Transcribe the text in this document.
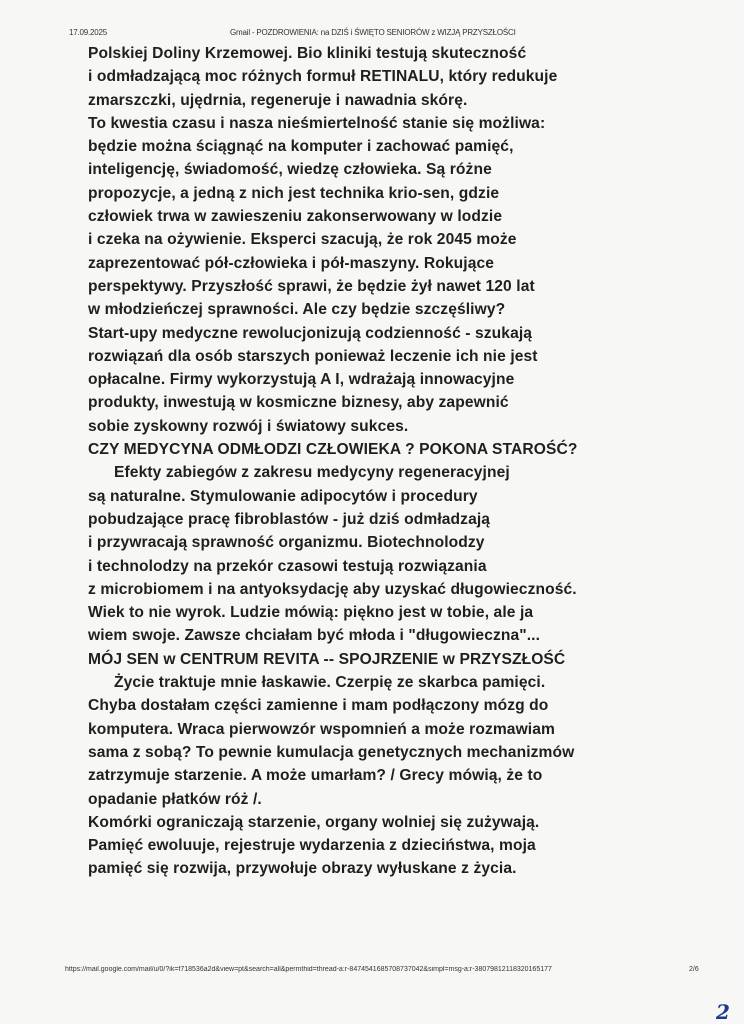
17.09.2025	Gmail - POZDROWIENIA: na DZIŚ i ŚWIĘTO SENIORÓW z WIZJĄ PRZYSZŁOŚCI
Polskiej Doliny Krzemowej. Bio kliniki testują skuteczność
i odmładzającą moc różnych formuł RETINALU, który redukuje
zmarszczki, ujędrnia, regeneruje i nawadnia skórę.
To kwestia czasu i nasza nieśmiertelność stanie się możliwa:
będzie można ściągnąć na komputer i zachować pamięć,
inteligencję, świadomość, wiedzę człowieka. Są różne
propozycje, a jedną z nich jest technika krio-sen, gdzie
człowiek trwa w zawieszeniu zakonserwowany w lodzie
i czeka na ożywienie. Eksperci szacują, że rok 2045 może
zaprezentować pół-człowieka i pół-maszyny. Rokujące
perspektywy. Przyszłość sprawi, że będzie żył nawet 120 lat
w młodzieńczej sprawności. Ale czy będzie szczęśliwy?
Start-upy medyczne rewolucjonizują codzienność - szukają
rozwiązań dla osób starszych ponieważ leczenie ich nie jest
opłacalne. Firmy wykorzystują A I, wdrażają innowacyjne
produkty, inwestują w kosmiczne biznesy, aby zapewnić
sobie zyskowny rozwój i światowy sukces.
CZY MEDYCYNA ODMŁODZI CZŁOWIEKA ? POKONA STAROŚĆ?
Efekty zabiegów z zakresu medycyny regeneracyjnej
są naturalne. Stymulowanie adipocytów i procedury
pobudzające pracę fibroblastów - już dziś odmładzają
i przywracają sprawność organizmu. Biotechnolodzy
i technolodzy na przekór czasowi testują rozwiązania
z microbiomem i na antyoksydację aby uzyskać długowieczność.
Wiek to nie wyrok. Ludzie mówią: piękno jest w tobie, ale ja
wiem swoje. Zawsze chciałam być młoda i "długowieczna"...
MÓJ SEN w CENTRUM REVITA -- SPOJRZENIE w PRZYSZŁOŚĆ
Życie traktuje mnie łaskawie. Czerpię ze skarbca pamięci.
Chyba dostałam części zamienne i mam podłączony mózg do
komputera. Wraca pierwowzór wspomnień a może rozmawiam
sama z sobą? To pewnie kumulacja genetycznych mechanizmów
zatrzymuje starzenie. A może umarłam? / Grecy mówią, że to
opadanie płatków róż /.
Komórki ograniczają starzenie, organy wolniej się zużywają.
Pamięć ewoluuje, rejestruje wydarzenia z dzieciństwa, moja
pamięć się rozwija, przywołuje obrazy wyłuskane z życia.
https://mail.google.com/mail/u/0/?ik=f718536a2d&view=pt&search=all&permthid=thread-a:r-8474541685708737042&simpl=msg-a:r-38079812118320165177	2/6
2
